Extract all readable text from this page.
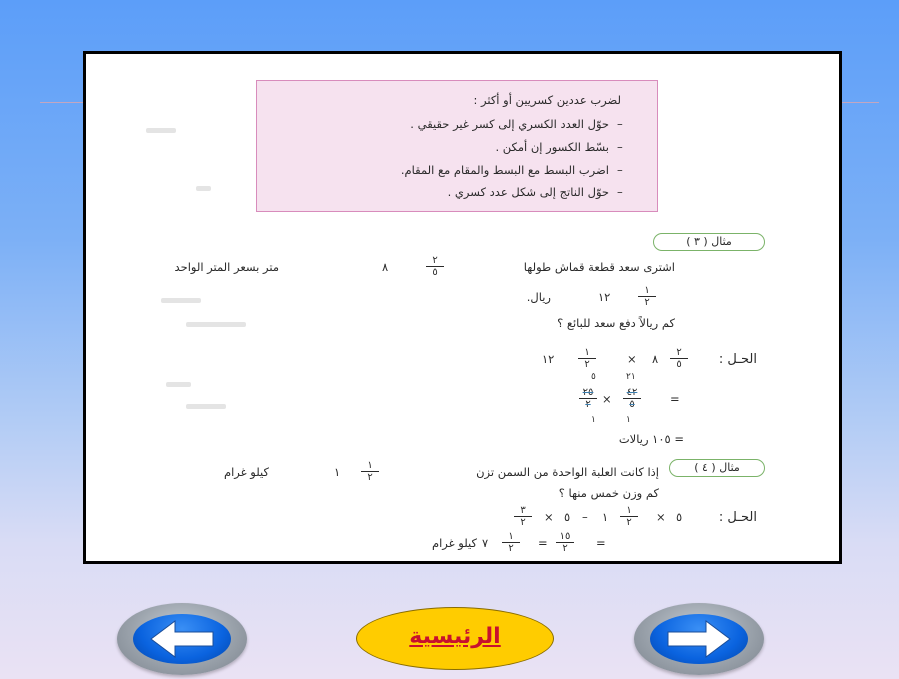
لضرب عددين كسريين أو أكثر :
حوّل العدد الكسري إلى كسر غير حقيقي .
بسّط الكسور إن أمكن .
اضرب البسط مع البسط والمقام مع المقام.
حوّل الناتج إلى شكل عدد كسري .
–
–
–
–
مثال ( ٣ )
متر بسعر المتر الواحد	٨	٢
٥	اشترى سعد قطعة قماش طولها
ريال.	١٢	١
٢
كم ريالاً دفع سعد للبائع ؟
الحـل :
٢
٥
٨
×
١
٢
١٢
٢١
٥
٢٥
٢ ×	٤٢
٥	=
١	١
= ١٠٥ ريالات
مثال ( ٤ )
كيلو غرام	١	١
٢	إذا كانت العلبة الواحدة من السمن تزن
كم وزن خمس منها ؟
الحـل :
٥
×
١
٢
١
–
٥
×
٣
٢
=
١٥
٢
=
١
٢
٧
كيلو غرام
الرئيسية
